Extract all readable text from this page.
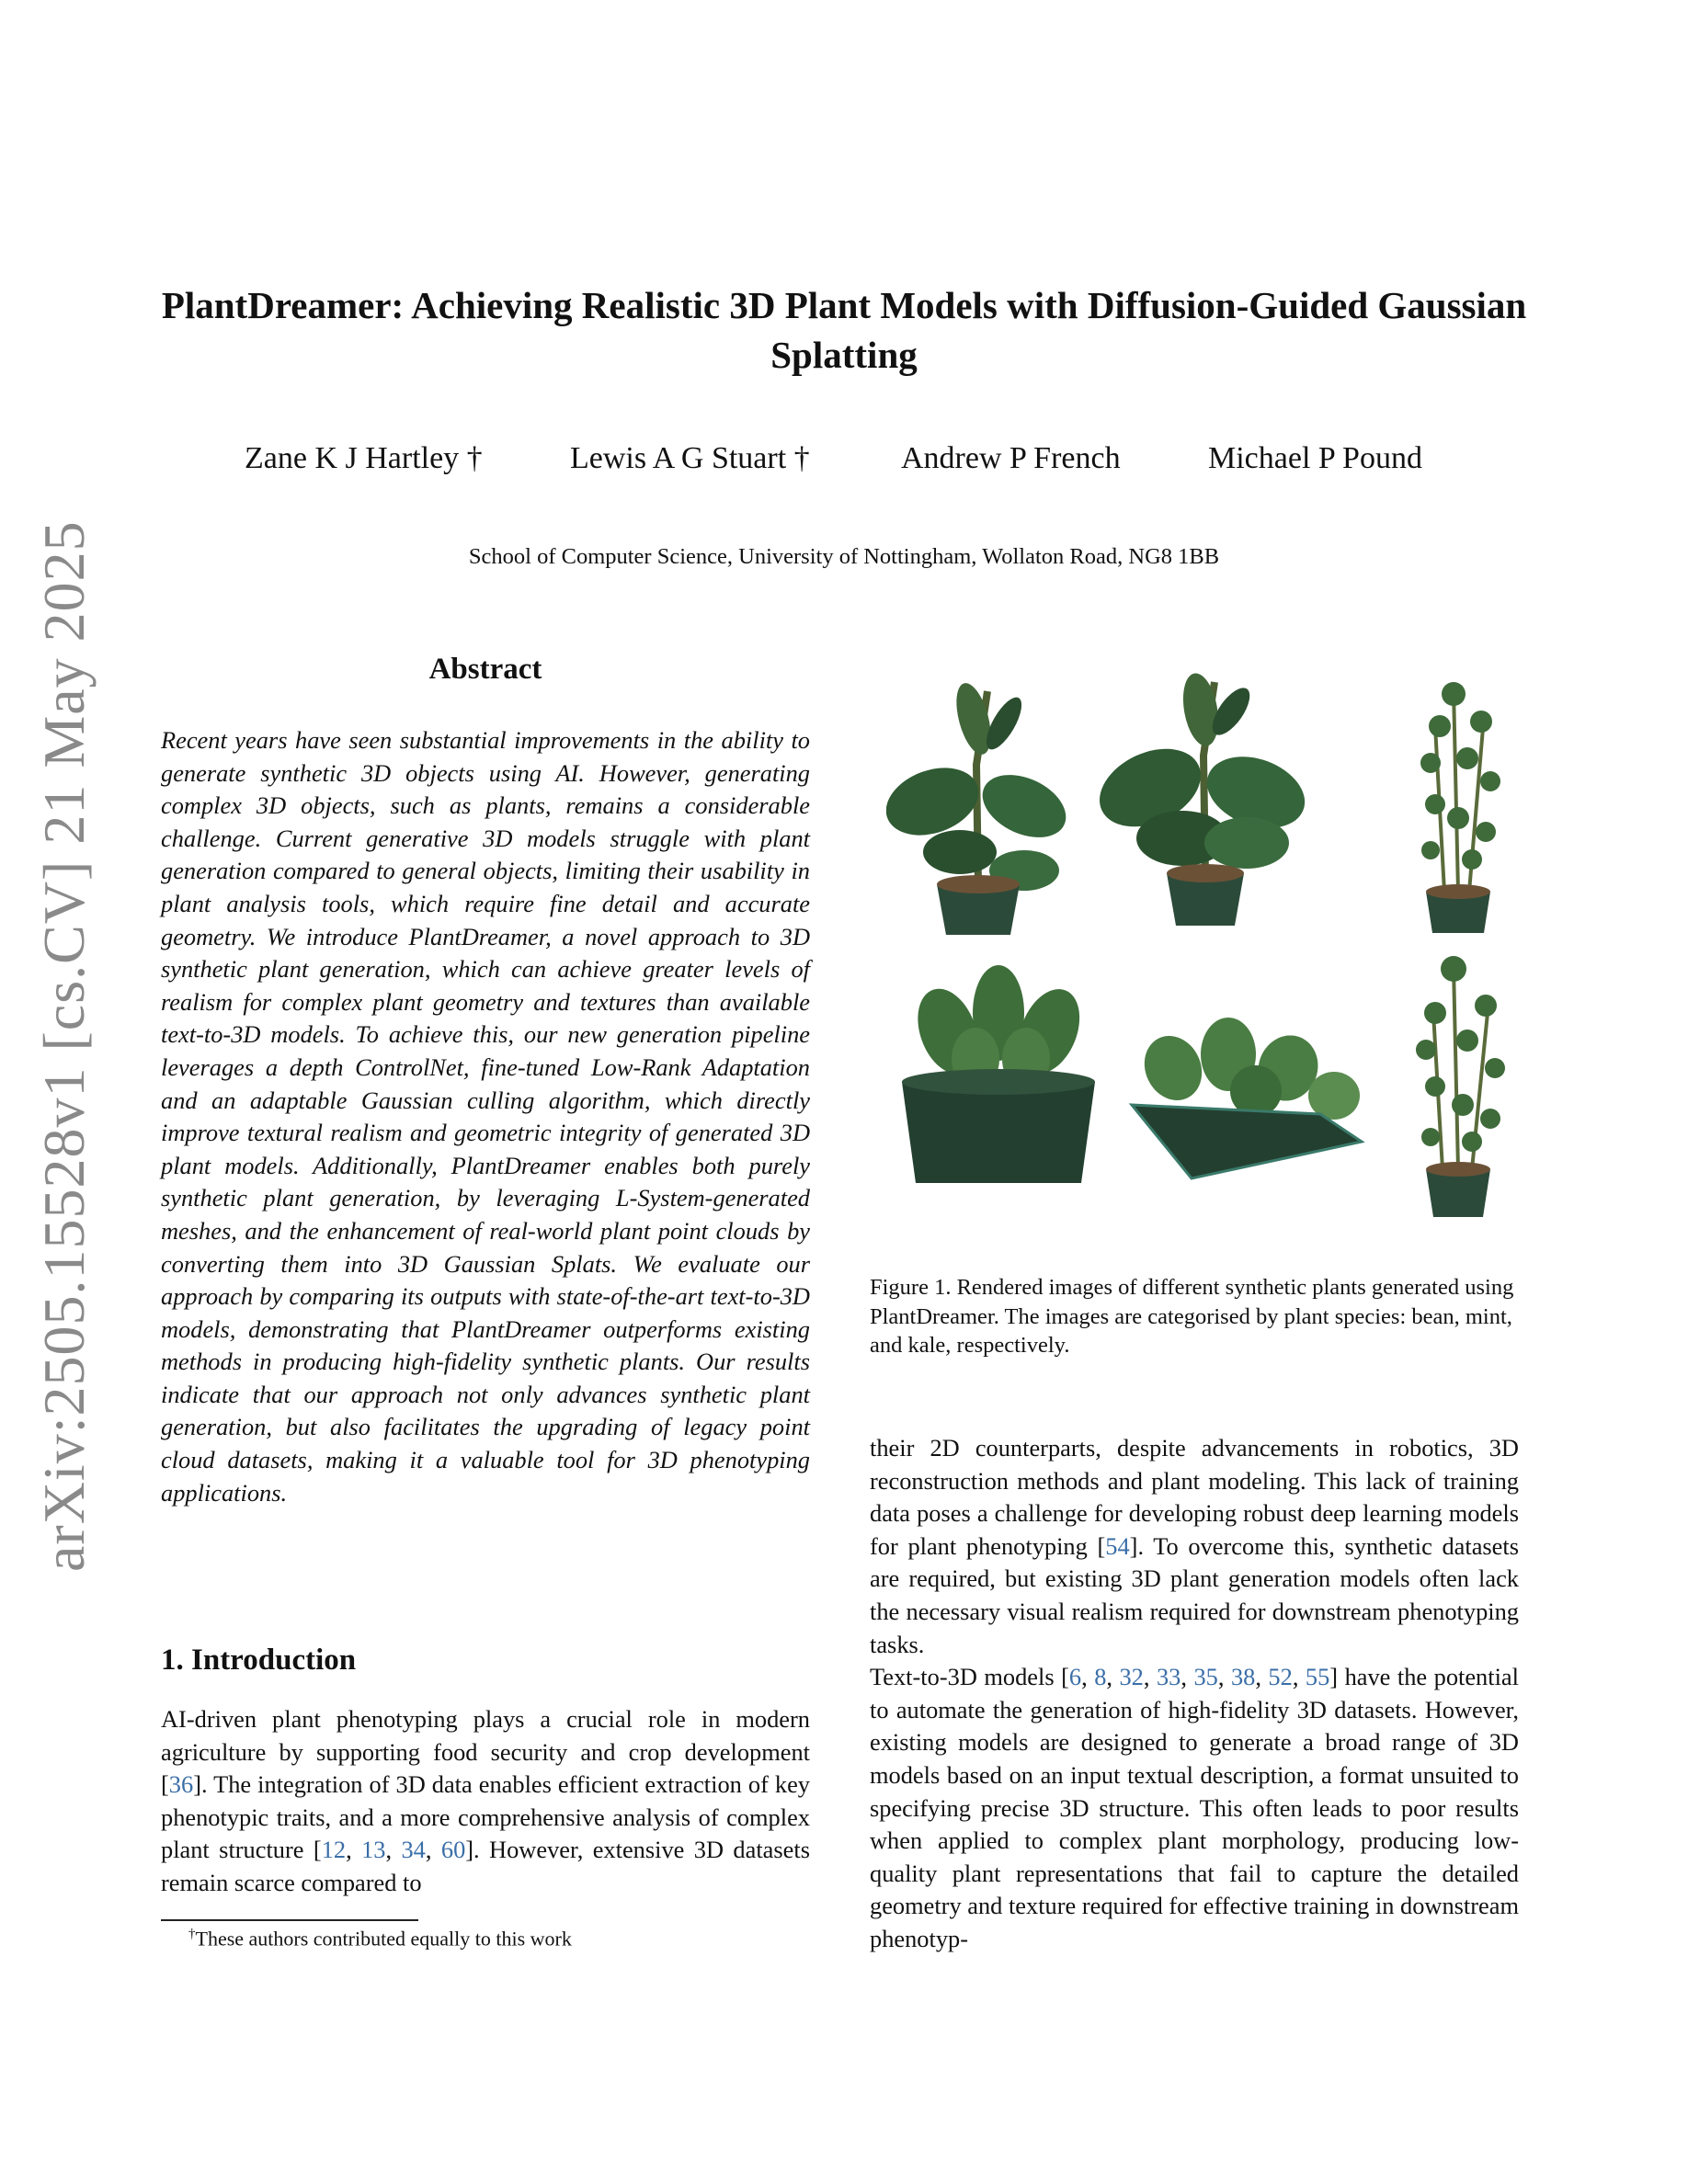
arXiv:2505.15528v1 [cs.CV] 21 May 2025
PlantDreamer: Achieving Realistic 3D Plant Models with Diffusion-Guided Gaussian Splatting
Zane K J Hartley †	Lewis A G Stuart †	Andrew P French	Michael P Pound
School of Computer Science, University of Nottingham, Wollaton Road, NG8 1BB
Abstract
Recent years have seen substantial improvements in the ability to generate synthetic 3D objects using AI. However, generating complex 3D objects, such as plants, remains a considerable challenge. Current generative 3D models struggle with plant generation compared to general objects, limiting their usability in plant analysis tools, which require fine detail and accurate geometry. We introduce PlantDreamer, a novel approach to 3D synthetic plant generation, which can achieve greater levels of realism for complex plant geometry and textures than available text-to-3D models. To achieve this, our new generation pipeline leverages a depth ControlNet, fine-tuned Low-Rank Adaptation and an adaptable Gaussian culling algorithm, which directly improve textural realism and geometric integrity of generated 3D plant models. Additionally, PlantDreamer enables both purely synthetic plant generation, by leveraging L-System-generated meshes, and the enhancement of real-world plant point clouds by converting them into 3D Gaussian Splats. We evaluate our approach by comparing its outputs with state-of-the-art text-to-3D models, demonstrating that PlantDreamer outperforms existing methods in producing high-fidelity synthetic plants. Our results indicate that our approach not only advances synthetic plant generation, but also facilitates the upgrading of legacy point cloud datasets, making it a valuable tool for 3D phenotyping applications.
1. Introduction
AI-driven plant phenotyping plays a crucial role in modern agriculture by supporting food security and crop development [36]. The integration of 3D data enables efficient extraction of key phenotypic traits, and a more comprehensive analysis of complex plant structure [12, 13, 34, 60]. However, extensive 3D datasets remain scarce compared to
†These authors contributed equally to this work
Figure 1. Rendered images of different synthetic plants generated using PlantDreamer. The images are categorised by plant species: bean, mint, and kale, respectively.

their 2D counterparts, despite advancements in robotics, 3D reconstruction methods and plant modeling. This lack of training data poses a challenge for developing robust deep learning models for plant phenotyping [54]. To overcome this, synthetic datasets are required, but existing 3D plant generation models often lack the necessary visual realism required for downstream phenotyping tasks.

Text-to-3D models [6, 8, 32, 33, 35, 38, 52, 55] have the potential to automate the generation of high-fidelity 3D datasets. However, existing models are designed to generate a broad range of 3D models based on an input textual description, a format unsuited to specifying precise 3D structure. This often leads to poor results when applied to complex plant morphology, producing low-quality plant representations that fail to capture the detailed geometry and texture required for effective training in downstream phenotyp-
